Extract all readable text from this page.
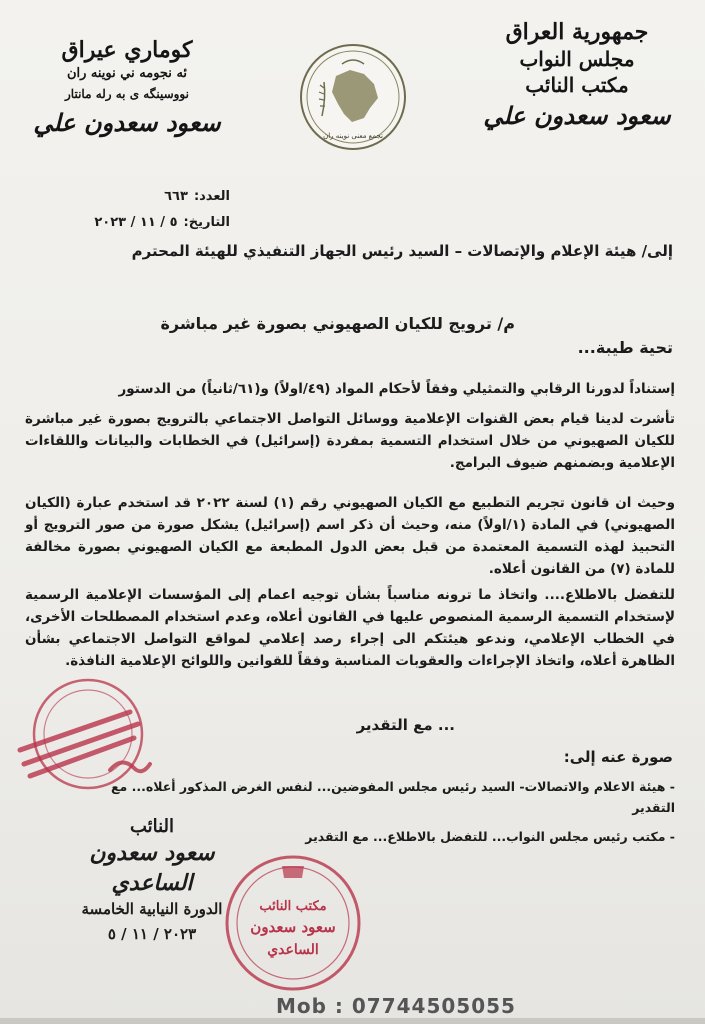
جمهورية العراق
مجلس النواب
مكتب النائب
سعود سعدون علي
كوماري عيراق
ئه نجومه ني نوينه ران
نووسينگه ى به رله مانتار
سعود سعدون علي	تجمع معنى نوينه ران
العدد:
٦٦٣
التاريخ:
٥ / ١١ / ٢٠٢٣
إلى/ هيئة الإعلام والإتصالات – السيد رئيس الجهاز التنفيذي للهيئة المحترم
م/ ترويج للكيان الصهيوني بصورة غير مباشرة
تحية طيبة...
إستناداً لدورنا الرقابي والتمثيلي وفقاً لأحكام المواد (٤٩/اولاً) و(٦١/ثانياً) من الدستور
تأشرت لدينا قيام بعض القنوات الإعلامية ووسائل التواصل الاجتماعي بالترويج بصورة غير مباشرة للكيان الصهيوني من خلال استخدام التسمية بمفردة (إسرائيل) في الخطابات والبيانات واللقاءات الإعلامية وبضمنهم ضيوف البرامج.
وحيث ان قانون تجريم التطبيع مع الكيان الصهيوني رقم (١) لسنة ٢٠٢٢ قد استخدم عبارة (الكيان الصهيوني) في المادة (١/اولاً) منه، وحيث أن ذكر اسم (إسرائيل) يشكل صورة من صور الترويج أو التحبيذ لهذه التسمية المعتمدة من قبل بعض الدول المطبعة مع الكيان الصهيوني بصورة مخالفة للمادة (٧) من القانون أعلاه.
للتفضل بالاطلاع.... واتخاذ ما ترونه مناسباً بشأن توجيه اعمام إلى المؤسسات الإعلامية الرسمية لإستخدام التسمية الرسمية المنصوص عليها في القانون أعلاه، وعدم استخدام المصطلحات الأخرى، في الخطاب الإعلامي، وندعو هيئتكم الى إجراء رصد إعلامي لمواقع التواصل الاجتماعي بشأن الظاهرة أعلاه، واتخاذ الإجراءات والعقوبات المناسبة وفقاً للقوانين واللوائح الإعلامية النافذة.
... مع التقدير
صورة عنه إلى:
- هيئة الاعلام والاتصالات- السيد رئيس مجلس المفوضين... لنفس الغرض المذكور أعلاه... مع التقدير
- مكتب رئيس مجلس النواب... للتفضل بالاطلاع... مع التقدير
النائب
سعود سعدون الساعدي
الدورة النيابية الخامسة
٢٠٢٣ / ١١ / ٥
مكتب النائب
سعود سعدون
الساعدي
Mob : 07744505055
